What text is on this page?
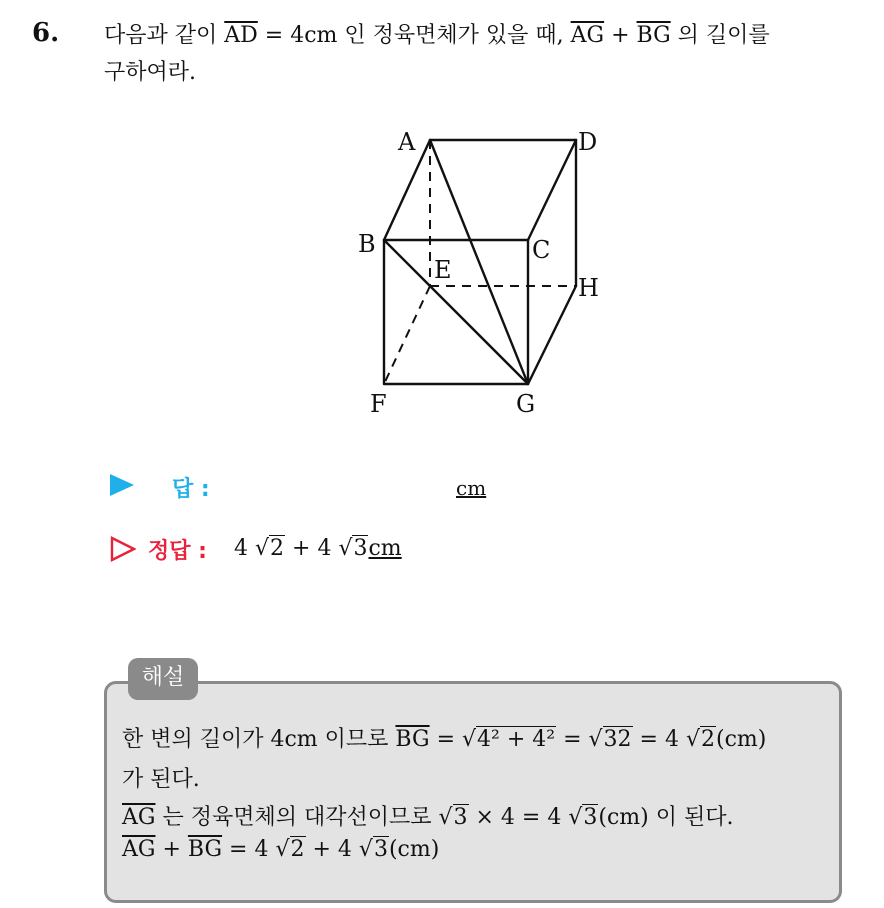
6. 다음과 같이 $\overline{AD} = 4cm$ 인 정육면체가 있을 때, $\overline{AG} + \overline{BG}$ 의 길이를
구하여라.
A
B	C
D
E
F	G
H
답 :	cm
정답 : 4 √2 + 4 √3cm
해설
한 변의 길이가 4cm 이므로 $\overline{BG} = √4^2 + 4^2 = √32 = 4$ √2(cm)
가 된다.
$\overline{AG}$ 는 정육면체의 대각선이므로 √3 × 4 = 4 √3(cm) 이 된다.
$\overline{AG} + \overline{BG} = 4$ √2 + 4 √3(cm)
